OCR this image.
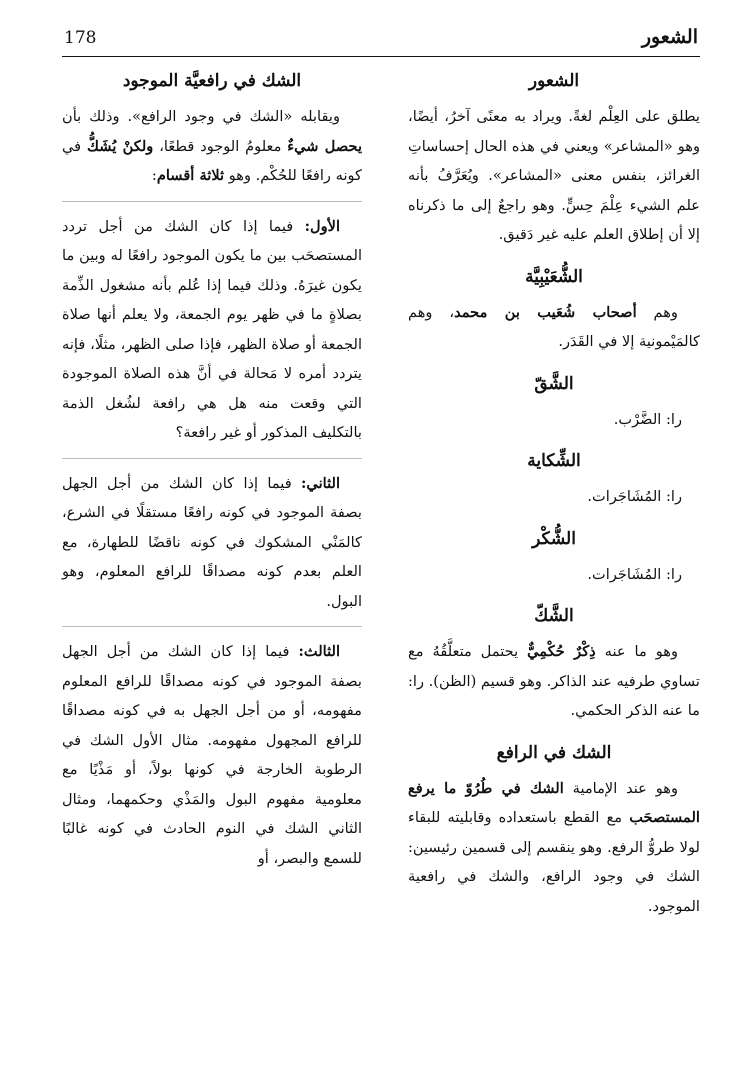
الشعور
178
الشعور

يطلق على العِلْم لغةً. ويراد به معنًى آخرُ، أيضًا، وهو «المشاعر» ويعني في هذه الحال إحساساتِ الغرائز، بنفس معنى «المشاعر». ويُعَرَّفُ بأنه علم الشيء عِلْمَ حِسٍّ. وهو راجعٌ إلى ما ذكرناه إلا أن إطلاق العلم عليه غير دَقيق.

الشُّعَيْبِيَّة

وهم أصحاب شُعَيب بن محمد، وهم كالمَيْمونية إلا في القَدَر.

الشَّقّ

را: الضَّرْب.

الشِّكاية

را: المُشَاجَرات.

الشُّكْر

را: المُشَاجَرات.

الشَّكّ

وهو ما عنه ذِكْرٌ حُكْمِيٌّ يحتمل متعلَّقُهُ مع تساوي طرفيه عند الذاكر. وهو قسيم (الظن). را: ما عنه الذكر الحكمي.

الشك في الرافع

وهو عند الإمامية الشك في طُرُوّ ما يرفع المستصحَب مع القطع باستعداده وقابليته للبقاء لولا طروُّ الرفع. وهو ينقسم إلى قسمين رئيسين: الشك في وجود الرافع، والشك في رافعية الموجود.

الشك في رافعيَّة الموجود

ويقابله «الشك في وجود الرافع». وذلك بأن يحصل شيءٌ معلومُ الوجود قطعًا، ولكنْ يُشَكُّ في كونه رافعًا للحُكْم. وهو ثلاثة أقسام:

الأول: فيما إذا كان الشك من أجل تردد المستصحَب بين ما يكون الموجود رافعًا له وبين ما يكون غيرَهُ. وذلك فيما إذا عُلم بأنه مشغول الذِّمة بصلاةٍ ما في ظهر يوم الجمعة، ولا يعلم أنها صلاة الجمعة أو صلاة الظهر، فإذا صلى الظهر، مثلًا، فإنه يتردد أمره لا مَحالة في أنَّ هذه الصلاة الموجودة التي وقعت منه هل هي رافعة لشُغل الذمة بالتكليف المذكور أو غير رافعة؟

الثاني: فيما إذا كان الشك من أجل الجهل بصفة الموجود في كونه رافعًا مستقلًا في الشرع، كالمَنْي المشكوك في كونه ناقضًا للطهارة، مع العلم بعدم كونه مصداقًا للرافع المعلوم، وهو البول.

الثالث: فيما إذا كان الشك من أجل الجهل بصفة الموجود في كونه مصداقًا للرافع المعلوم مفهومه، أو من أجل الجهل به في كونه مصداقًا للرافع المجهول مفهومه. مثال الأول الشك في الرطوبة الخارجة في كونها بولاً، أو مَذْيًا مع معلومية مفهوم البول والمَذْي وحكمهما، ومثال الثاني الشك في النوم الحادث في كونه غالبًا للسمع والبصر، أو
